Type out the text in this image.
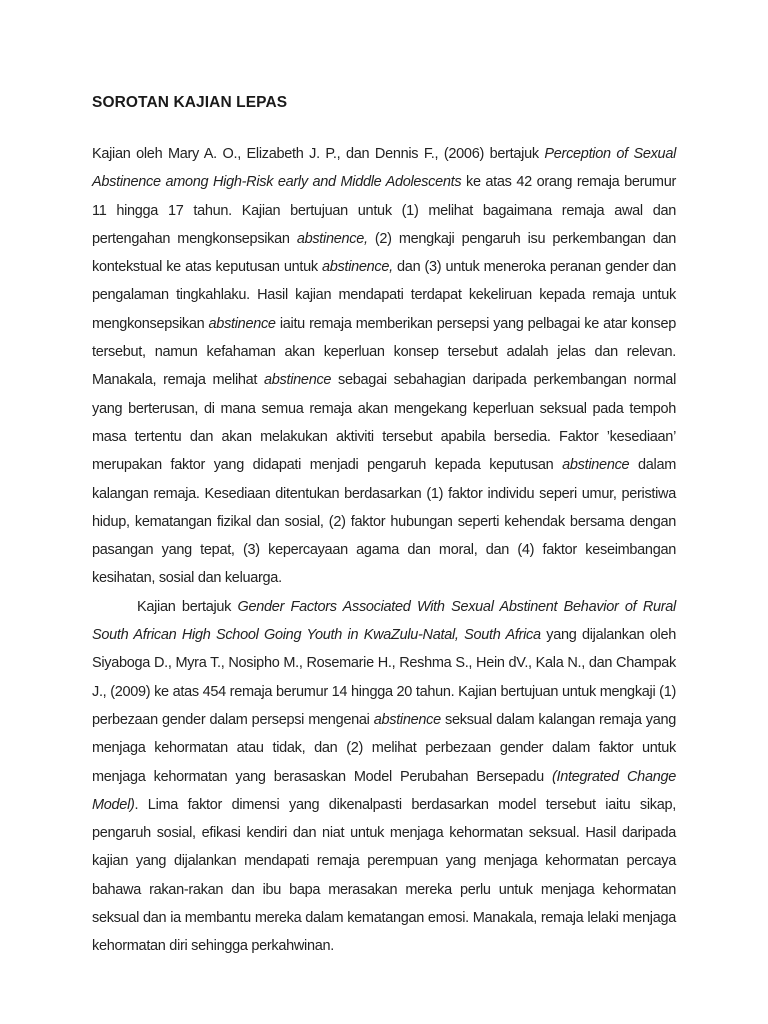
SOROTAN KAJIAN LEPAS

Kajian oleh Mary A. O., Elizabeth J. P., dan Dennis F., (2006) bertajuk Perception of Sexual Abstinence among High-Risk early and Middle Adolescents ke atas 42 orang remaja berumur 11 hingga 17 tahun. Kajian bertujuan untuk (1) melihat bagaimana remaja awal dan pertengahan mengkonsepsikan abstinence, (2) mengkaji pengaruh isu perkembangan dan kontekstual ke atas keputusan untuk abstinence, dan (3) untuk meneroka peranan gender dan pengalaman tingkahlaku. Hasil kajian mendapati terdapat kekeliruan kepada remaja untuk mengkonsepsikan abstinence iaitu remaja memberikan persepsi yang pelbagai ke atar konsep tersebut, namun kefahaman akan keperluan konsep tersebut adalah jelas dan relevan. Manakala, remaja melihat abstinence sebagai sebahagian daripada perkembangan normal yang berterusan, di mana semua remaja akan mengekang keperluan seksual pada tempoh masa tertentu dan akan melakukan aktiviti tersebut apabila bersedia. Faktor ’kesediaan’ merupakan faktor yang didapati menjadi pengaruh kepada keputusan abstinence dalam kalangan remaja. Kesediaan ditentukan berdasarkan (1) faktor individu seperi umur, peristiwa hidup, kematangan fizikal dan sosial, (2) faktor hubungan seperti kehendak bersama dengan pasangan yang tepat, (3) kepercayaan agama dan moral, dan (4) faktor keseimbangan kesihatan, sosial dan keluarga.

Kajian bertajuk Gender Factors Associated With Sexual Abstinent Behavior of Rural South African High School Going Youth in KwaZulu-Natal, South Africa yang dijalankan oleh Siyaboga D., Myra T., Nosipho M., Rosemarie H., Reshma S., Hein dV., Kala N., dan Champak J., (2009) ke atas 454 remaja berumur 14 hingga 20 tahun. Kajian bertujuan untuk mengkaji (1) perbezaan gender dalam persepsi mengenai abstinence seksual dalam kalangan remaja yang menjaga kehormatan atau tidak, dan (2) melihat perbezaan gender dalam faktor untuk menjaga kehormatan yang berasaskan Model Perubahan Bersepadu (Integrated Change Model). Lima faktor dimensi yang dikenalpasti berdasarkan model tersebut iaitu sikap, pengaruh sosial, efikasi kendiri dan niat untuk menjaga kehormatan seksual. Hasil daripada kajian yang dijalankan mendapati remaja perempuan yang menjaga kehormatan percaya bahawa rakan-rakan dan ibu bapa merasakan mereka perlu untuk menjaga kehormatan seksual dan ia membantu mereka dalam kematangan emosi. Manakala, remaja lelaki menjaga kehormatan diri sehingga perkahwinan.
